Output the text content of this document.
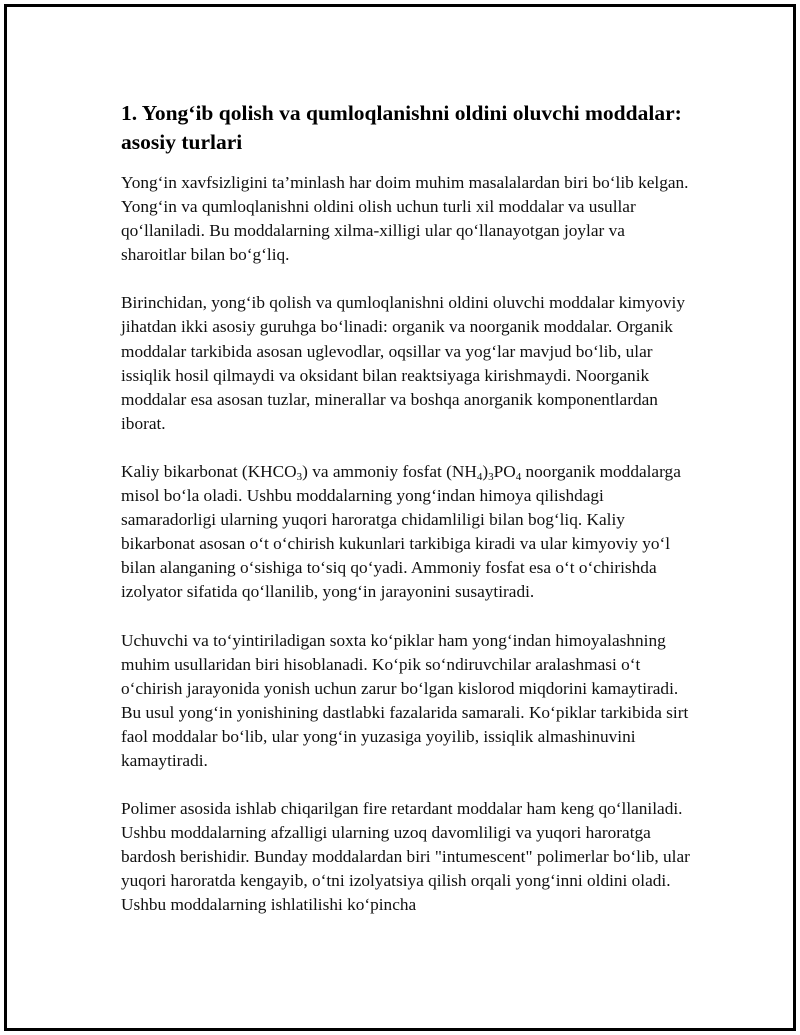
1. Yong‘ib qolish va qumloqlanishni oldini oluvchi moddalar: asosiy turlari

Yong‘in xavfsizligini ta’minlash har doim muhim masalalardan biri bo‘lib kelgan. Yong‘in va qumloqlanishni oldini olish uchun turli xil moddalar va usullar qo‘llaniladi. Bu moddalarning xilma-xilligi ular qo‘llanayotgan joylar va sharoitlar bilan bo‘g‘liq.

Birinchidan, yong‘ib qolish va qumloqlanishni oldini oluvchi moddalar kimyoviy jihatdan ikki asosiy guruhga bo‘linadi: organik va noorganik moddalar. Organik moddalar tarkibida asosan uglevodlar, oqsillar va yog‘lar mavjud bo‘lib, ular issiqlik hosil qilmaydi va oksidant bilan reaktsiyaga kirishmaydi. Noorganik moddalar esa asosan tuzlar, minerallar va boshqa anorganik komponentlardan iborat.

Kaliy bikarbonat $(KHCO_3)$ va ammoniy fosfat $(NH_4)_3PO_4$ noorganik moddalarga misol bo‘la oladi. Ushbu moddalarning yong‘indan himoya qilishdagi samaradorligi ularning yuqori haroratga chidamliligi bilan bog‘liq. Kaliy bikarbonat asosan o‘t o‘chirish kukunlari tarkibiga kiradi va ular kimyoviy yo‘l bilan alanganing o‘sishiga to‘siq qo‘yadi. Ammoniy fosfat esa o‘t o‘chirishda izolyator sifatida qo‘llanilib, yong‘in jarayonini susaytiradi.

Uchuvchi va to‘yintiriladigan soxta ko‘piklar ham yong‘indan himoyalashning muhim usullaridan biri hisoblanadi. Ko‘pik so‘ndiruvchilar aralashmasi o‘t o‘chirish jarayonida yonish uchun zarur bo‘lgan kislorod miqdorini kamaytiradi. Bu usul yong‘in yonishining dastlabki fazalarida samarali. Ko‘piklar tarkibida sirt faol moddalar bo‘lib, ular yong‘in yuzasiga yoyilib, issiqlik almashinuvini kamaytiradi.

Polimer asosida ishlab chiqarilgan fire retardant moddalar ham keng qo‘llaniladi. Ushbu moddalarning afzalligi ularning uzoq davomliligi va yuqori haroratga bardosh berishidir. Bunday moddalardan biri "intumescent" polimerlar bo‘lib, ular yuqori haroratda kengayib, o‘tni izolyatsiya qilish orqali yong‘inni oldini oladi. Ushbu moddalarning ishlatilishi ko‘pincha
